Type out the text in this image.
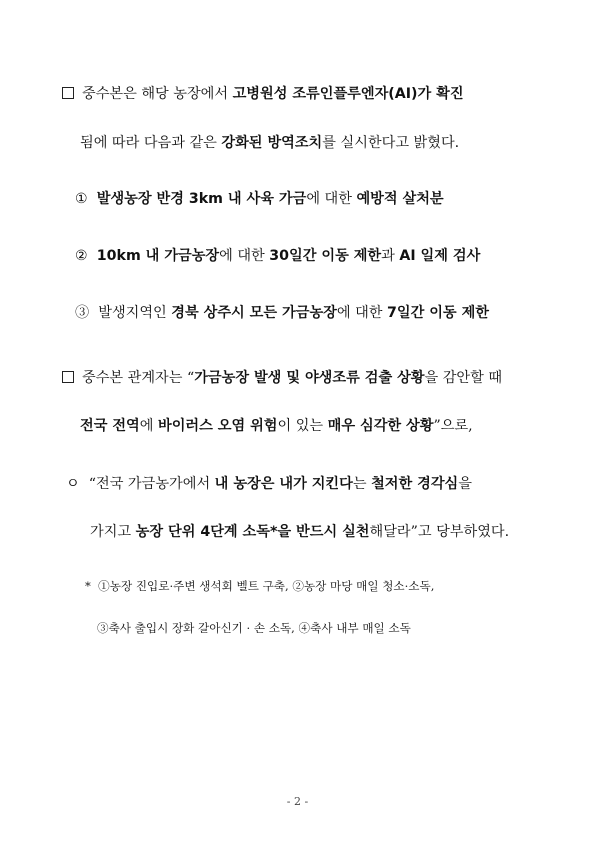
중수본은 해당 농장에서 고병원성 조류인플루엔자(AI)가 확진
됨에 따라 다음과 같은 강화된 방역조치를 실시한다고 밝혔다.
① 발생농장 반경 3km 내 사육 가금에 대한 예방적 살처분
② 10km 내 가금농장에 대한 30일간 이동 제한과 AI 일제 검사
③ 발생지역인 경북 상주시 모든 가금농장에 대한 7일간 이동 제한
중수본 관계자는 “가금농장 발생 및 야생조류 검출 상황을 감안할 때
전국 전역에 바이러스 오염 위험이 있는 매우 심각한 상황”으로,
ㅇ “전국 가금농가에서 내 농장은 내가 지킨다는 철저한 경각심을
가지고 농장 단위 4단계 소독*을 반드시 실천해달라”고 당부하였다.
* ①농장 진입로·주변 생석회 벨트 구축, ②농장 마당 매일 청소·소독,
③축사 출입시 장화 갈아신기 · 손 소독, ④축사 내부 매일 소독
- 2 -
